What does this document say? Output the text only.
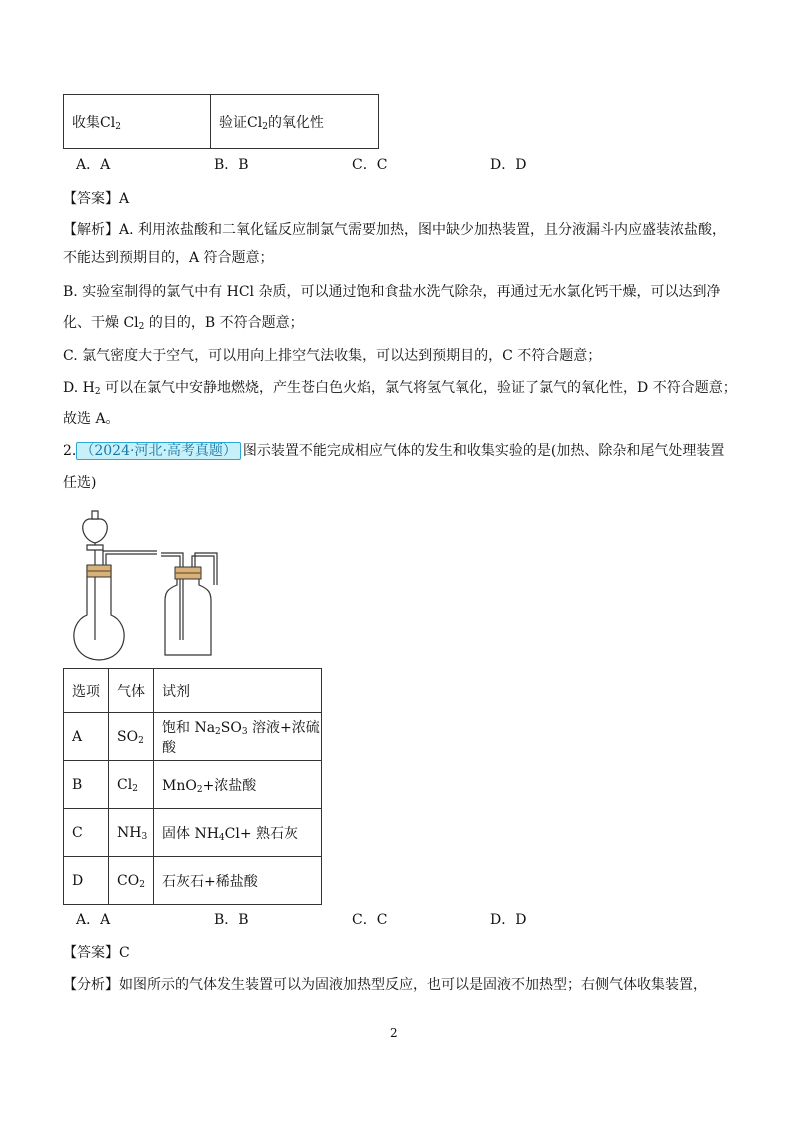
收集$Cl_2$	验证$Cl_2$的氧化性
A．A	B．B	C．C	D．D
【答案】A
【解析】A. 利用浓盐酸和二氧化锰反应制氯气需要加热，图中缺少加热装置，且分液漏斗内应盛装浓盐酸，
不能达到预期目的，A 符合题意；
B. 实验室制得的氯气中有 HCl 杂质，可以通过饱和食盐水洗气除杂，再通过无水氯化钙干燥，可以达到净
化、干燥 $Cl_2$ 的目的，B 不符合题意；
C. 氯气密度大于空气，可以用向上排空气法收集，可以达到预期目的，C 不符合题意；
D. $H_2$ 可以在氯气中安静地燃烧，产生苍白色火焰，氯气将氢气氧化，验证了氯气的氧化性，D 不符合题意；
故选 A。
2. （2024·河北·高考真题） 图示装置不能完成相应气体的发生和收集实验的是(加热、除杂和尾气处理装置
任选)
选项	气体	试剂
A	$SO_2$	饱和 $Na_2SO_3$ 溶液+浓硫酸
B	$Cl_2$	MnO$_2$+浓盐酸
C	$NH_3$	固体 $NH_4Cl+$ 熟石灰
D	$CO_2$	石灰石+稀盐酸
A．A	B．B	C．C	D．D
【答案】C
【分析】如图所示的气体发生装置可以为固液加热型反应，也可以是固液不加热型；右侧气体收集装置，
2
